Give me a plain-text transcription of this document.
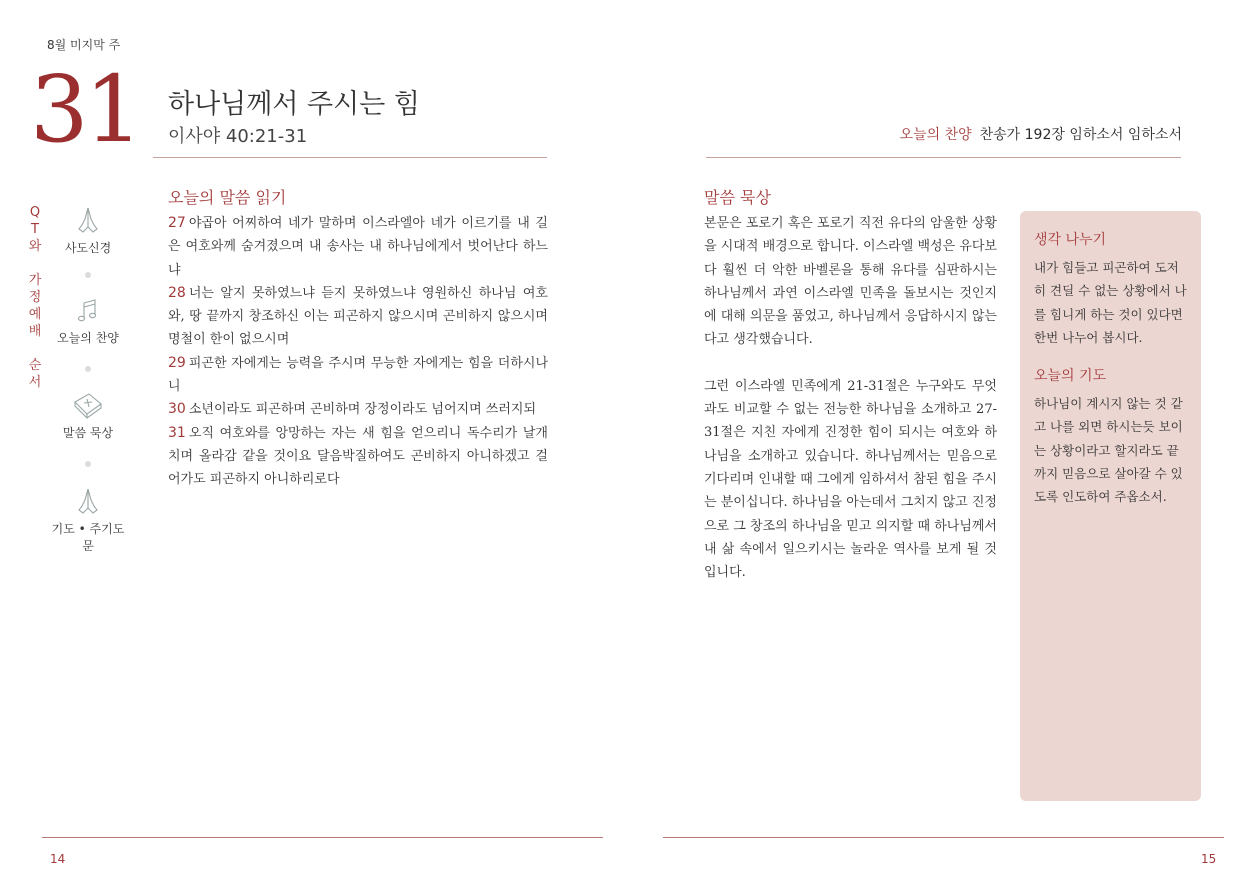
8월 미지막 주
31 하나님께서 주시는 힘
이사야 40:21-31	오늘의 찬양 찬송가 192장 임하소서 임하소서
Q
T
와
가
정
예
배
순
서
사도신경
오늘의 찬양
말씀 묵상
기도 • 주기도문
오늘의 말씀 읽기
27 야곱아 어찌하여 네가 말하며 이스라엘아 네가 이르기를 내 길은 여호와께 숨겨졌으며 내 송사는 내 하나님에게서 벗어난다 하느냐
28 너는 알지 못하였느냐 듣지 못하였느냐 영원하신 하나님 여호와, 땅 끝까지 창조하신 이는 피곤하지 않으시며 곤비하지 않으시며 명철이 한이 없으시며
29 피곤한 자에게는 능력을 주시며 무능한 자에게는 힘을 더하시나니
30 소년이라도 피곤하며 곤비하며 장정이라도 넘어지며 쓰러지되
31 오직 여호와를 앙망하는 자는 새 힘을 얻으리니 독수리가 날개치며 올라감 같을 것이요 달음박질하여도 곤비하지 아니하겠고 걸어가도 피곤하지 아니하리로다
말씀 묵상

본문은 포로기 혹은 포로기 직전 유다의 암울한 상황을 시대적 배경으로 합니다. 이스라엘 백성은 유다보다 훨씬 더 악한 바벨론을 통해 유다를 심판하시는 하나님께서 과연 이스라엘 민족을 돌보시는 것인지에 대해 의문을 품었고, 하나님께서 응답하시지 않는다고 생각했습니다.

그런 이스라엘 민족에게 21-31절은 누구와도 무엇과도 비교할 수 없는 전능한 하나님을 소개하고 27-31절은 지친 자에게 진정한 힘이 되시는 여호와 하나님을 소개하고 있습니다. 하나님께서는 믿음으로 기다리며 인내할 때 그에게 임하셔서 참된 힘을 주시는 분이십니다. 하나님을 아는데서 그치지 않고 진정으로 그 창조의 하나님을 믿고 의지할 때 하나님께서 내 삶 속에서 일으키시는 놀라운 역사를 보게 될 것입니다.

생각 나누기
내가 힘들고 피곤하여 도저히 견딜 수 없는 상황에서 나를 힘니게 하는 것이 있다면 한번 나누어 봅시다.
오늘의 기도
하나님이 계시지 않는 것 같고 나를 외면 하시는듯 보이는 상황이라고 할지라도 끝까지 믿음으로 살아갈 수 있도록 인도하여 주옵소서.
14	15
